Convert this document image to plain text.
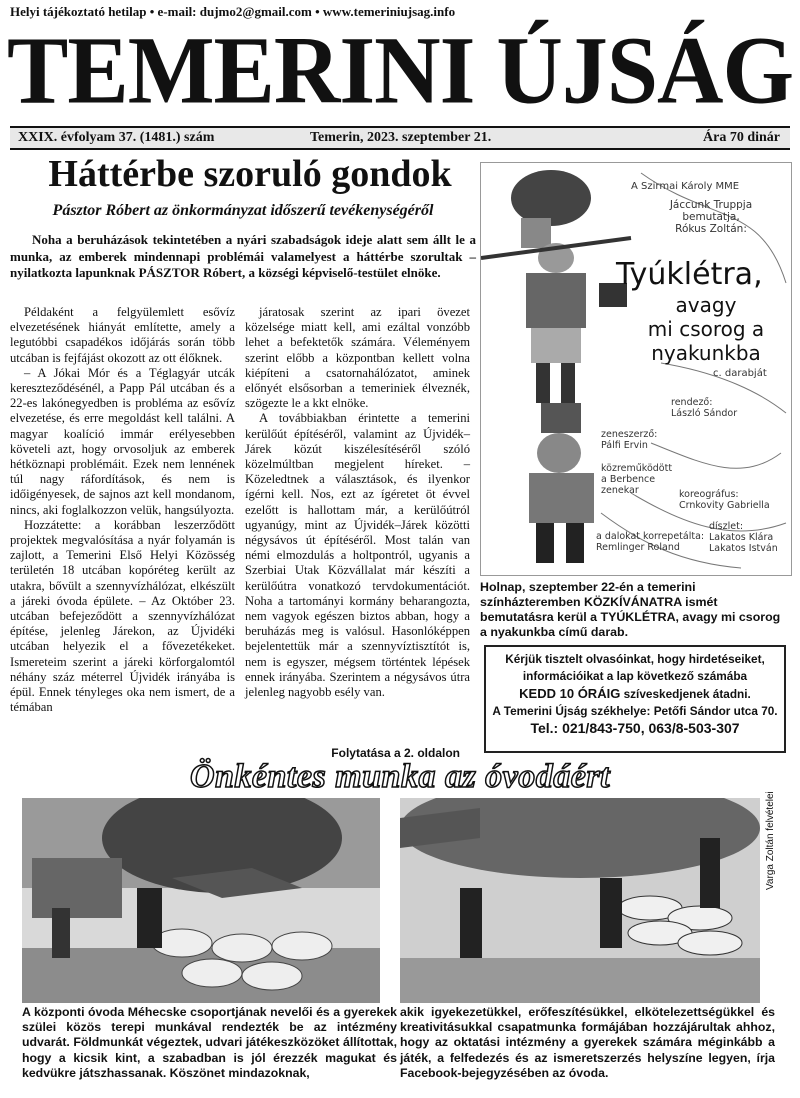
Helyi tájékoztató hetilap • e-mail: dujmo2@gmail.com • www.temeriniujsag.info
TEMERINI ÚJSÁG
XXIX. évfolyam 37. (1481.) szám	Temerin, 2023. szeptember 21.	Ára 70 dinár
Háttérbe szoruló gondok
Pásztor Róbert az önkormányzat időszerű tevékenységéről
Noha a beruházások tekintetében a nyári szabadságok ideje alatt sem állt le a munka, az emberek mindennapi problémái valamelyest a háttérbe szorultak – nyilatkozta lapunknak PÁSZTOR Róbert, a községi képviselő-testület elnöke.

Példaként a felgyülemlett esővíz elvezetésének hiányát említette, amely a legutóbbi csapadékos időjárás során több utcában is fejfájást okozott az ott élőknek.

– A Jókai Mór és a Téglagyár utcák kereszteződésénél, a Papp Pál utcában és a 22-es lakónegyedben is probléma az esővíz elvezetése, és erre megoldást kell találni. A magyar koalíció immár erélyesebben követeli azt, hogy orvosoljuk az emberek hétköznapi problémáit. Ezek nem lennének túl nagy ráfordítások, és nem is időigényesek, de sajnos azt kell mondanom, nincs, aki foglalkozzon velük, hangsúlyozta.

Hozzátette: a korábban leszerződött projektek megvalósítása a nyár folyamán is zajlott, a Temerini Első Helyi Közösség területén 18 utcában kopóréteg került az utakra, bővült a szennyvízhálózat, elkészült a járeki óvoda épülete. – Az Október 23. utcában befejeződött a szennyvízhálózat építése, jelenleg Járekon, az Újvidéki utcában helyezik el a fővezetékeket. Ismereteim szerint a járeki körforgalomtól néhány száz méterrel Újvidék irányába is épül. Ennek tényleges oka nem ismert, de a témában

járatosak szerint az ipari övezet közelsége miatt kell, ami ezáltal vonzóbb lehet a befektetők számára. Véleményem szerint előbb a központban kellett volna kiépíteni a csatornahálózatot, aminek előnyét elsősorban a temeriniek élveznék, szögezte le a kkt elnöke.

A továbbiakban érintette a temerini kerülőút építéséről, valamint az Újvidék–Járek közút kiszélesítéséről szóló közelmúltban megjelent híreket. – Közeledtnek a választások, és ilyenkor ígérni kell. Nos, ezt az ígéretet öt évvel ezelőtt is hallottam már, a kerülőútról ugyanúgy, mint az Újvidék–Járek közötti négysávos út építéséről. Most talán van némi elmozdulás a holtpontról, ugyanis a Szerbiai Utak Közvállalat már készíti a kerülőútra vonatkozó tervdokumentációt. Noha a tartományi kormány beharangozta, nem vagyok egészen biztos abban, hogy a beruházás meg is valósul. Hasonlóképpen bejelentettük már a szennyvíztisztítót is, nem is egyszer, mégsem történtek lépések ennek irányába. Szerintem a négysávos útra jelenleg nagyobb esély van.

Folytatása a 2. oldalon
A Szirmai Károly MME
Jáccunk Truppja
bemutatja,
Rókus Zoltán:
Tyúklétra,
avagy
mi csorog a
nyakunkba
c. darabját
rendező:
László Sándor
zeneszerző:
Pálfi Ervin
közreműködött
a Berbence
zenekar	koreográfus:
Crnkovity Gabriella
díszlet:
Lakatos Klára
Lakatos István
a dalokat korrepetálta:
Remlinger Roland
Holnap, szeptember 22-én a temerini színházteremben KÖZKÍVÁNATRA ismét bemutatásra kerül a TYÚKLÉTRA, avagy mi csorog a nyakunkba című darab.
Kérjük tisztelt olvasóinkat, hogy hirdetéseiket,
információikat a lap következő számába
KEDD 10 ÓRÁIG szíveskedjenek átadni.
A Temerini Újság székhelye: Petőfi Sándor utca 70.
Tel.: 021/843-750, 063/8-503-307
Önkéntes munka az óvodáért
Varga Zoltán felvételei
A központi óvoda Méhecske csoportjának nevelői és a gyerekek szülei közös terepi munkával rendezték be az intézmény udvarát. Földmunkát végeztek, udvari játékeszközöket állítottak, hogy a kicsik kint, a szabadban is jól érezzék magukat és kedvükre játszhassanak. Köszönet mindazoknak,
akik igyekezetükkel, erőfeszítésükkel, elkötelezettségükkel és kreativitásukkal csapatmunka formájában hozzájárultak ahhoz, hogy az oktatási intézmény a gyerekek számára méginkább a játék, a felfedezés és az ismeretszerzés helyszíne legyen, írja Facebook-bejegyzésében az óvoda.
